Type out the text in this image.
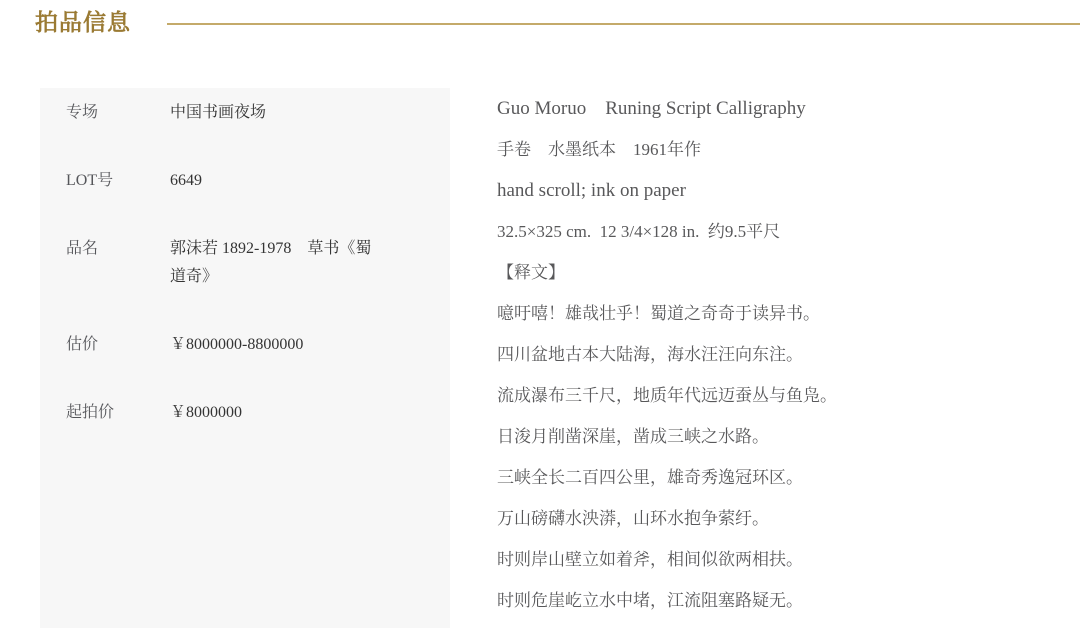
拍品信息
专场	中国书画夜场
LOT号	6649
品名	郭沫若 1892-1978　草书《蜀道奇》
估价	￥8000000-8800000
起拍价	￥8000000

Guo Moruo　Runing Script Calligraphy

手卷　水墨纸本　1961年作

hand scroll; ink on paper

32.5×325 cm.  12 3/4×128 in.  约9.5平尺

【释文】

噫吁嘻！雄哉壮乎！蜀道之奇奇于读异书。

四川盆地古本大陆海，海水汪汪向东注。

流成瀑布三千尺，地质年代远迈蚕丛与鱼凫。

日浚月削凿深崖，凿成三峡之水路。

三峡全长二百四公里，雄奇秀逸冠环区。

万山磅礴水泱漭，山环水抱争萦纡。

时则岸山壁立如着斧，相间似欲两相扶。

时则危崖屹立水中堵，江流阻塞路疑无。
